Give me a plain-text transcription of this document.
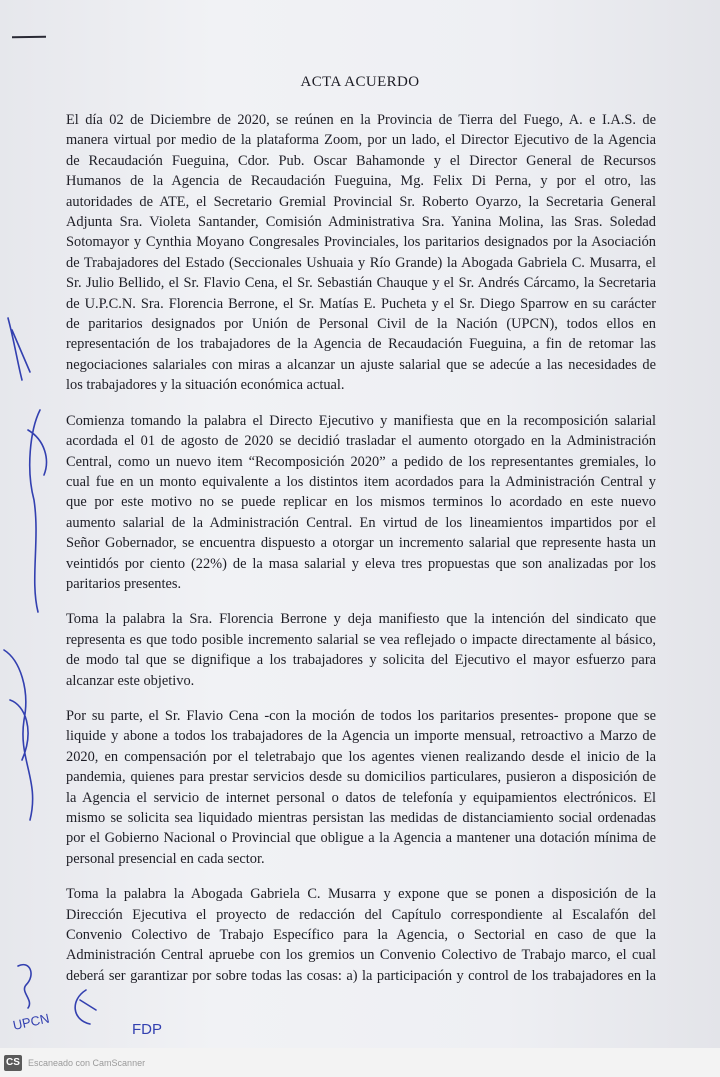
ACTA ACUERDO

El día 02 de Diciembre de 2020, se reúnen en la Provincia de Tierra del Fuego, A. e I.A.S. de
manera virtual por medio de la plataforma Zoom, por un lado, el Director Ejecutivo de la Agencia
de Recaudación Fueguina, Cdor. Pub. Oscar Bahamonde y el Director General de Recursos
Humanos de la Agencia de Recaudación Fueguina, Mg. Felix Di Perna, y por el otro, las
autoridades de ATE, el Secretario Gremial Provincial Sr. Roberto Oyarzo, la Secretaria General
Adjunta Sra. Violeta Santander, Comisión Administrativa Sra. Yanina Molina, las Sras. Soledad
Sotomayor y Cynthia Moyano Congresales Provinciales, los paritarios designados por la Asociación
de Trabajadores del Estado (Seccionales Ushuaia y Río Grande) la Abogada Gabriela C. Musarra, el
Sr. Julio Bellido, el Sr. Flavio Cena, el Sr. Sebastián Chauque y el Sr. Andrés Cárcamo, la Secretaria
de U.P.C.N. Sra. Florencia Berrone, el Sr. Matías E. Pucheta y el Sr. Diego Sparrow en su carácter
de paritarios designados por Unión de Personal Civil de la Nación (UPCN), todos ellos en
representación de los trabajadores de la Agencia de Recaudación Fueguina, a fin de retomar las
negociaciones salariales con miras a alcanzar un ajuste salarial que se adecúe a las necesidades de
los trabajadores y la situación económica actual.

Comienza tomando la palabra el Directo Ejecutivo y manifiesta que en la recomposición salarial
acordada el 01 de agosto de 2020 se decidió trasladar el aumento otorgado en la Administración
Central, como un nuevo item “Recomposición 2020” a pedido de los representantes gremiales, lo
cual fue en un monto equivalente a los distintos item acordados para la Administración Central y
que por este motivo no se puede replicar en los mismos terminos lo acordado en este nuevo
aumento salarial de la Administración Central. En virtud de los lineamientos impartidos por el
Señor Gobernador, se encuentra dispuesto a otorgar un incremento salarial que represente hasta un
veintidós por ciento (22%) de la masa salarial y eleva tres propuestas que son analizadas por los
paritarios presentes.

Toma la palabra la Sra. Florencia Berrone y deja manifiesto que la intención del sindicato que
representa es que todo posible incremento salarial se vea reflejado o impacte directamente al básico,
de modo tal que se dignifique a los trabajadores y solicita del Ejecutivo el mayor esfuerzo para
alcanzar este objetivo.

Por su parte, el Sr. Flavio Cena -con la moción de todos los paritarios presentes- propone que se
liquide y abone a todos los trabajadores de la Agencia un importe mensual, retroactivo a Marzo de
2020, en compensación por el teletrabajo que los agentes vienen realizando desde el inicio de la
pandemia, quienes para prestar servicios desde su domicilios particulares, pusieron a disposición de
la Agencia el servicio de internet personal o datos de telefonía y equipamientos electrónicos. El
mismo se solicita sea liquidado mientras persistan las medidas de distanciamiento social ordenadas
por el Gobierno Nacional o Provincial que obligue a la Agencia a mantener una dotación mínima de
personal presencial en cada sector.

Toma la palabra la Abogada Gabriela C. Musarra y expone que se ponen a disposición de la
Dirección Ejecutiva el proyecto de redacción del Capítulo correspondiente al Escalafón del
Convenio Colectivo de Trabajo Específico para la Agencia, o Sectorial en caso de que la
Administración Central apruebe con los gremios un Convenio Colectivo de Trabajo marco, el cual
deberá ser garantizar por sobre todas las cosas: a) la participación y control de los trabajadores en la

UPCN	FDP
CS Escaneado con CamScanner
